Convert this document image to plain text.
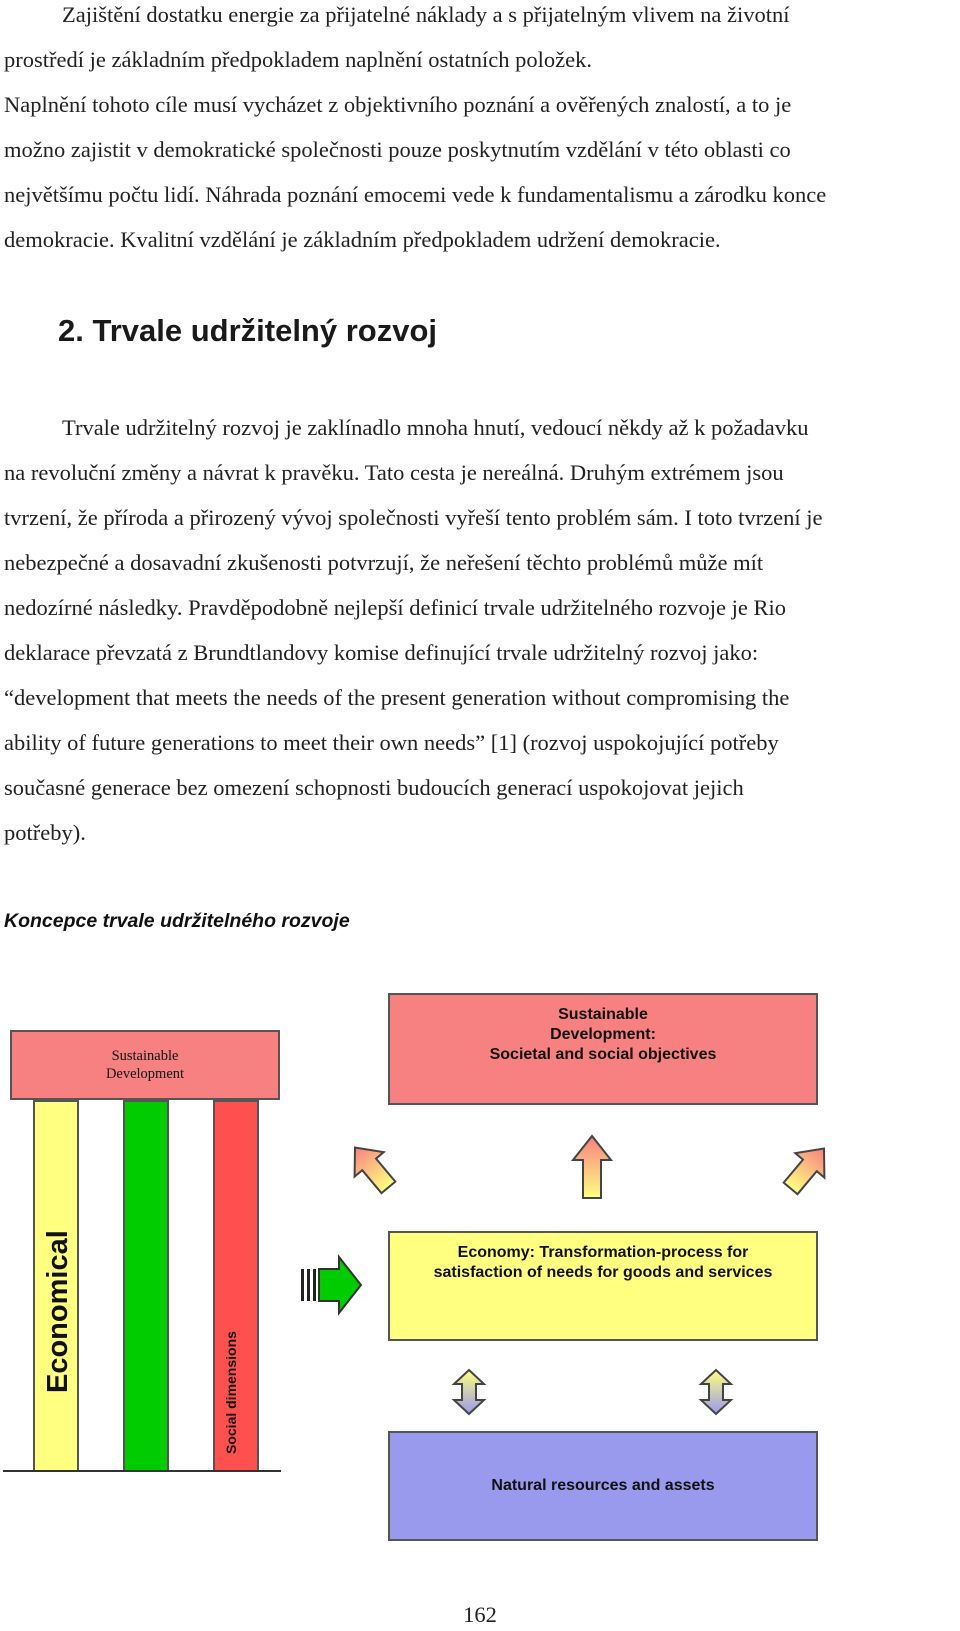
Zajištění dostatku energie za přijatelné náklady a s přijatelným vlivem na životní
prostředí je základním předpokladem naplnění ostatních položek.
Naplnění tohoto cíle musí vycházet z objektivního poznání a ověřených znalostí, a to je
možno zajistit v demokratické společnosti pouze poskytnutím vzdělání v této oblasti co
největšímu počtu lidí. Náhrada poznání emocemi vede k fundamentalismu a zárodku konce
demokracie. Kvalitní vzdělání je základním předpokladem udržení demokracie.
2. Trvale udržitelný rozvoj
Trvale udržitelný rozvoj je zaklínadlo mnoha hnutí, vedoucí někdy až k požadavku
na revoluční změny a návrat k pravěku. Tato cesta je nereálná. Druhým extrémem jsou
tvrzení, že příroda a přirozený vývoj společnosti vyřeší tento problém sám. I toto tvrzení je
nebezpečné a dosavadní zkušenosti potvrzují, že neřešení těchto problémů může mít
nedozírné následky. Pravděpodobně nejlepší definicí trvale udržitelného rozvoje je Rio
deklarace převzatá z Brundtlandovy komise definující trvale udržitelný rozvoj jako:
“development that meets the needs of the present generation without compromising the
ability of future generations to meet their own needs” [1] (rozvoj uspokojující potřeby
současné generace bez omezení schopnosti budoucích generací uspokojovat jejich
potřeby).

Koncepce trvale udržitelného rozvoje

Sustainable
Development
Economical	Social dimensions
Sustainable
Development:
Societal and social objectives
Economy: Transformation-process for
satisfaction of needs for goods and services
Natural resources and assets

162
